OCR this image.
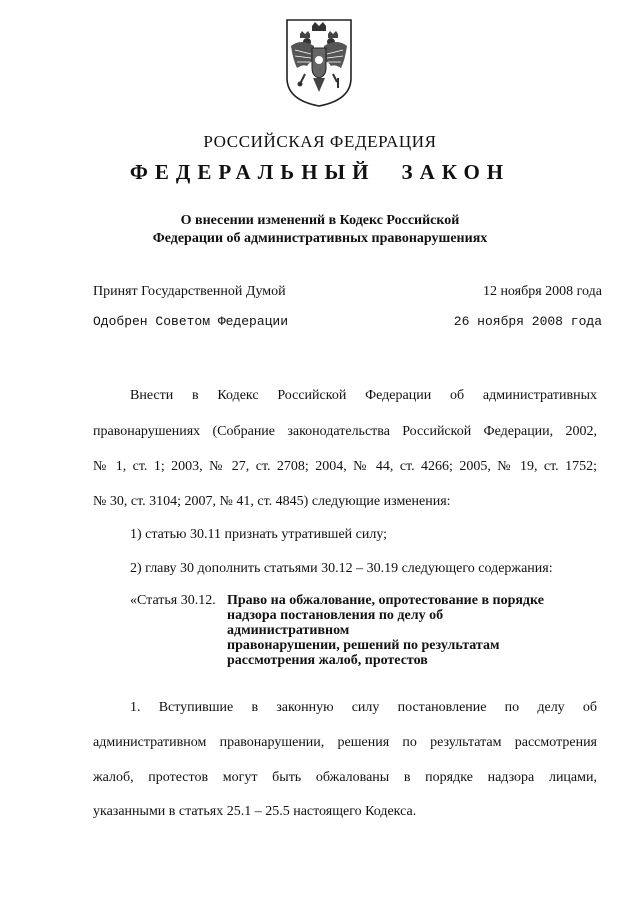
РОССИЙСКАЯ ФЕДЕРАЦИЯ
ФЕДЕРАЛЬНЫЙ ЗАКОН
О внесении изменений в Кодекс Российской
Федерации об административных правонарушениях
Принят Государственной Думой	12 ноября 2008 года
Одобрен Советом Федерации	26 ноября 2008 года
Внести в Кодекс Российской Федерации об административных
правонарушениях (Собрание законодательства Российской Федерации, 2002,
№ 1, ст. 1; 2003, № 27, ст. 2708; 2004, № 44, ст. 4266; 2005, № 19, ст. 1752;
№ 30, ст. 3104; 2007, № 41, ст. 4845) следующие изменения:
1) статью 30.11 признать утратившей силу;
2) главу 30 дополнить статьями 30.12 – 30.19 следующего содержания:
«Статья 30.12. Право на обжалование, опротестование в порядке
надзора постановления по делу об
административном
правонарушении, решений по результатам
рассмотрения жалоб, протестов
1. Вступившие в законную силу постановление по делу об
административном правонарушении, решения по результатам рассмотрения
жалоб, протестов могут быть обжалованы в порядке надзора лицами,
указанными в статьях 25.1 – 25.5 настоящего Кодекса.
